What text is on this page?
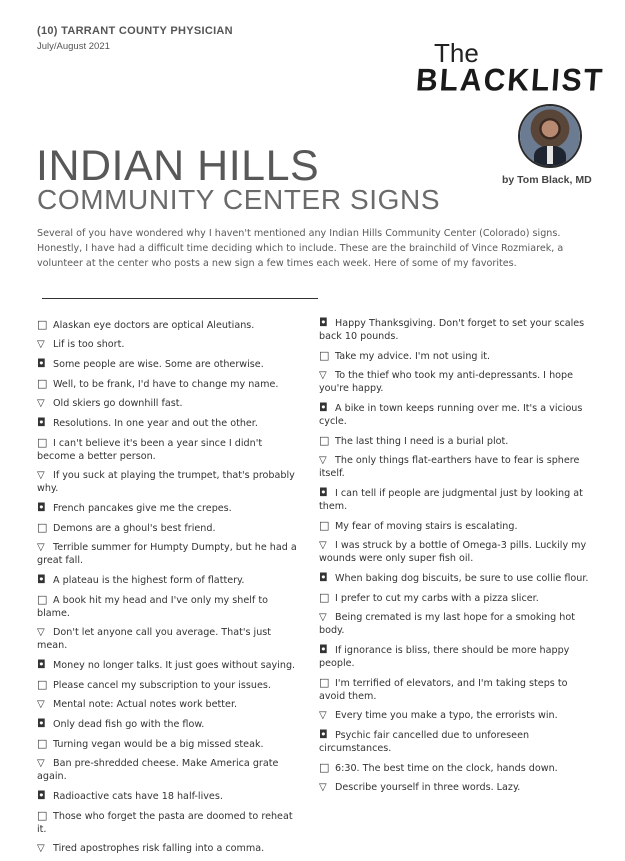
(10) TARRANT COUNTY PHYSICIAN
July/August 2021	The
BLACKLIST
by Tom Black, MD
INDIAN HILLS
COMMUNITY CENTER SIGNS
Several of you have wondered why I haven't mentioned any Indian Hills Community Center (Colorado) signs. Honestly, I have had a difficult time deciding which to include. These are the brainchild of Vince Rozmiarek, a volunteer at the center who posts a new sign a few times each week. Here of some of my favorites.
□ Alaskan eye doctors are optical Aleutians.
▽ Lif is too short.
◘ Some people are wise. Some are otherwise.
□ Well, to be frank, I'd have to change my name.
▽ Old skiers go downhill fast.
◘ Resolutions. In one year and out the other.
□ I can't believe it's been a year since I didn't become a better person.
▽ If you suck at playing the trumpet, that's probably why.
◘ French pancakes give me the crepes.
□ Demons are a ghoul's best friend.
▽ Terrible summer for Humpty Dumpty, but he had a great fall.
◘ A plateau is the highest form of flattery.
□ A book hit my head and I've only my shelf to blame.
▽ Don't let anyone call you average. That's just mean.
◘ Money no longer talks. It just goes without saying.
□ Please cancel my subscription to your issues.
▽ Mental note: Actual notes work better.
◘ Only dead fish go with the flow.
□ Turning vegan would be a big missed steak.
▽ Ban pre-shredded cheese. Make America grate again.
◘ Radioactive cats have 18 half-lives.
□ Those who forget the pasta are doomed to reheat it.
▽ Tired apostrophes risk falling into a comma.
◘ Happy Thanksgiving. Don't forget to set your scales back 10 pounds.
□ Take my advice. I'm not using it.
▽ To the thief who took my anti-depressants. I hope you're happy.
◘ A bike in town keeps running over me. It's a vicious cycle.
□ The last thing I need is a burial plot.
▽ The only things flat-earthers have to fear is sphere itself.
◘ I can tell if people are judgmental just by looking at them.
□ My fear of moving stairs is escalating.
▽ I was struck by a bottle of Omega-3 pills. Luckily my wounds were only super fish oil.
◘ When baking dog biscuits, be sure to use collie flour.
□ I prefer to cut my carbs with a pizza slicer.
▽ Being cremated is my last hope for a smoking hot body.
◘ If ignorance is bliss, there should be more happy people.
□ I'm terrified of elevators, and I'm taking steps to avoid them.
▽ Every time you make a typo, the errorists win.
◘ Psychic fair cancelled due to unforeseen circumstances.
□ 6:30. The best time on the clock, hands down.
▽ Describe yourself in three words. Lazy.
